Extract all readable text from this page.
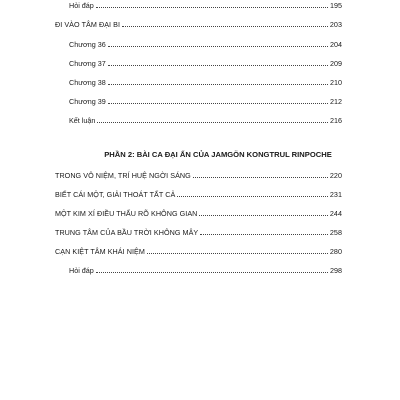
Hỏi đáp	195
ĐI VÀO TÂM ĐẠI BI	203
Chương 36	204
Chương 37	209
Chương 38	210
Chương 39	212
Kết luận	216
PHẦN 2: BÀI CA ĐẠI ẤN CỦA JAMGÖN KONGTRUL RINPOCHE
TRONG VÔ NIỆM, TRÍ HUỆ NGỜI SÁNG	220
BIẾT CÁI MỘT, GIẢI THOÁT TẤT CẢ	231
MỘT KIM XÍ ĐIỀU THẤU RÕ KHÔNG GIAN	244
TRUNG TÂM CỦA BẦU TRỜI KHÔNG MÂY	258
CẠN KIỆT TÂM KHÁI NIỆM	280
Hỏi đáp	298
